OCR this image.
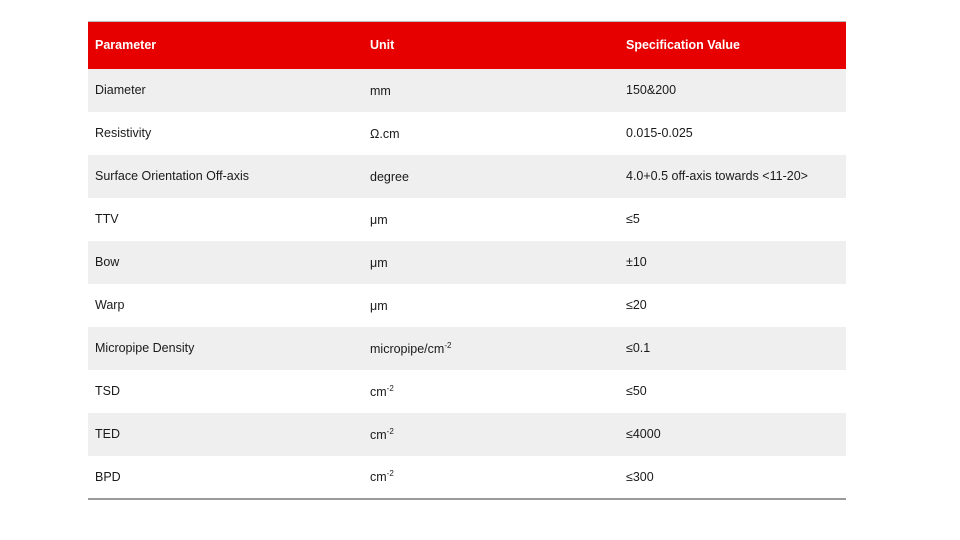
Parameter	Unit	Specification Value
Diameter	mm	150&200
Resistivity	Ω.cm	0.015-0.025
Surface Orientation Off-axis	degree	4.0+0.5 off-axis towards <11-20>
TTV	μm	≤5
Bow	μm	±10
Warp	μm	≤20
Micropipe Density	micropipe/$cm^{-2}$	≤0.1
TSD	$cm^{-2}$	≤50
TED	$cm^{-2}$	≤4000
BPD	$cm^{-2}$	≤300
